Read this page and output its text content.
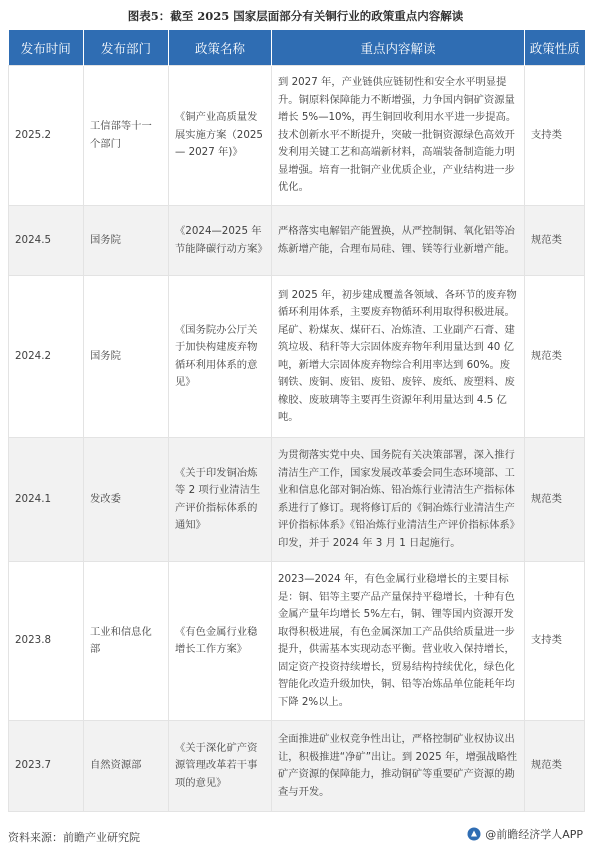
图表5：截至 2025 国家层面部分有关铜行业的政策重点内容解读
发布时间	发布部门	政策名称	重点内容解读	政策性质
2025.2	工信部等十一个部门	《铜产业高质量发展实施方案（2025 — 2027 年)》	到 2027 年，产业链供应链韧性和安全水平明显提升。铜原料保障能力不断增强，力争国内铜矿资源量增长 5%—10%，再生铜回收利用水平进一步提高。技术创新水平不断提升，突破一批铜资源绿色高效开发利用关键工艺和高端新材料，高端装备制造能力明显增强。培育一批铜产业优质企业，产业结构进一步优化。	支持类
2024.5	国务院	《2024—2025 年节能降碳行动方案》	严格落实电解铝产能置换，从严控制铜、氧化铝等冶炼新增产能，合理布局硅、锂、镁等行业新增产能。	规范类
2024.2	国务院	《国务院办公厅关于加快构建废弃物循环利用体系的意见》	到 2025 年，初步建成覆盖各领域、各环节的废弃物循环利用体系，主要废弃物循环利用取得积极进展。尾矿、粉煤灰、煤矸石、冶炼渣、工业副产石膏、建筑垃圾、秸秆等大宗固体废弃物年利用量达到 40 亿吨，新增大宗固体废弃物综合利用率达到 60%。废钢铁、废铜、废铝、废铅、废锌、废纸、废塑料、废橡胶、废玻璃等主要再生资源年利用量达到 4.5 亿吨。	规范类
2024.1	发改委	《关于印发铜冶炼等 2 项行业清洁生产评价指标体系的通知》	为贯彻落实党中央、国务院有关决策部署，深入推行清洁生产工作，国家发展改革委会同生态环境部、工业和信息化部对铜冶炼、铅冶炼行业清洁生产指标体系进行了修订。现将修订后的《铜冶炼行业清洁生产评价指标体系》《铅冶炼行业清洁生产评价指标体系》印发，并于 2024 年 3 月 1 日起施行。	规范类
2023.8	工业和信息化部	《有色金属行业稳增长工作方案》	2023—2024 年，有色金属行业稳增长的主要目标是：铜、铝等主要产品产量保持平稳增长，十种有色金属产量年均增长 5%左右，铜、锂等国内资源开发取得积极进展，有色金属深加工产品供给质量进一步提升，供需基本实现动态平衡。营业收入保持增长，固定资产投资持续增长，贸易结构持续优化，绿色化智能化改造升级加快，铜、铅等冶炼品单位能耗年均下降 2%以上。	支持类
2023.7	自然资源部	《关于深化矿产资源管理改革若干事项的意见》	全面推进矿业权竞争性出让，严格控制矿业权协议出让，积极推进“净矿”出让。到 2025 年，增强战略性矿产资源的保障能力，推动铜矿等重要矿产资源的勘查与开发。	规范类
资料来源：前瞻产业研究院	@前瞻经济学人APP
